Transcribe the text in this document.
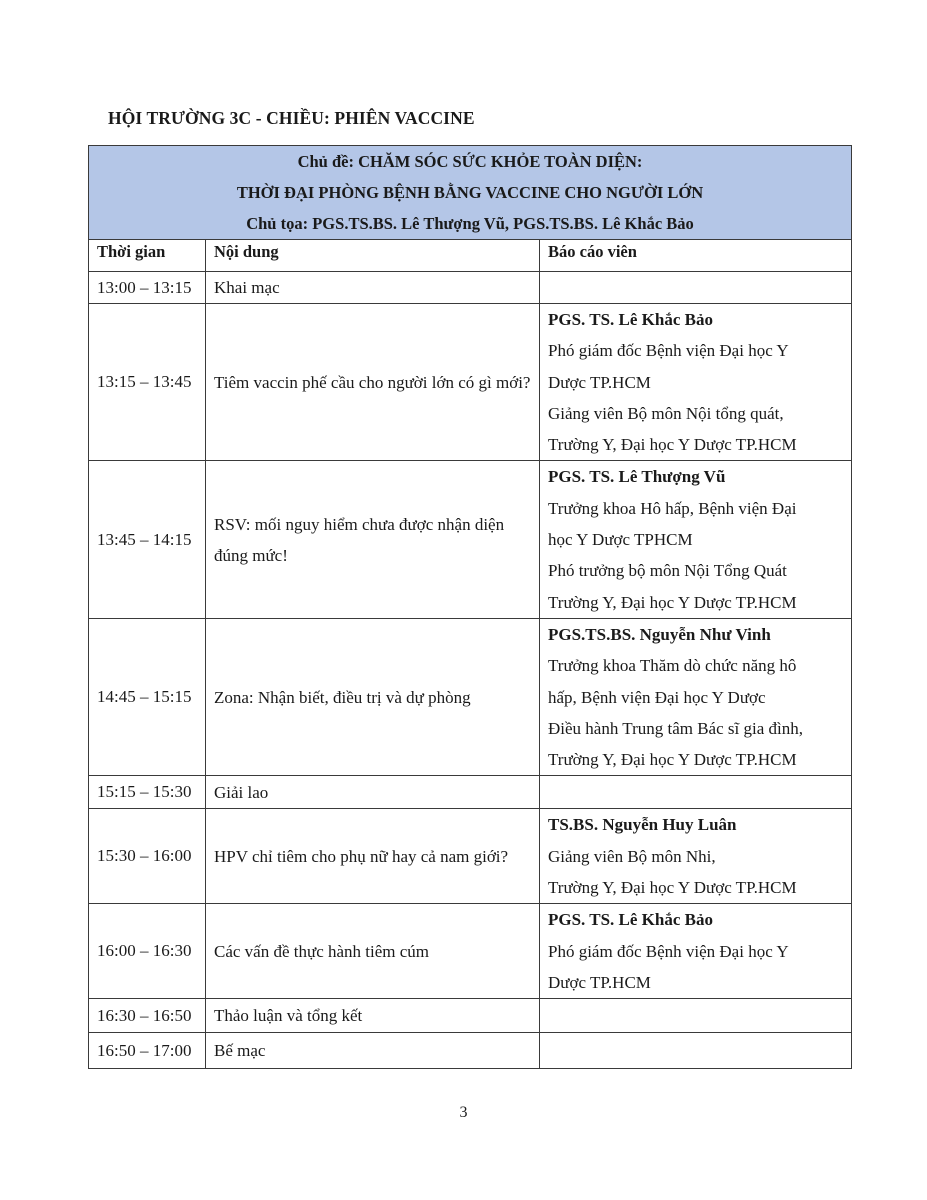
HỘI TRƯỜNG 3C - CHIỀU: PHIÊN VACCINE
Chủ đề: CHĂM SÓC SỨC KHỎE TOÀN DIỆN:
THỜI ĐẠI PHÒNG BỆNH BẰNG VACCINE CHO NGƯỜI LỚN
Chủ tọa: PGS.TS.BS. Lê Thượng Vũ, PGS.TS.BS. Lê Khắc Bảo		

Thời gian	Nội dung	Báo cáo viên
13:00 – 13:15	Khai mạc	
13:15 – 13:45	Tiêm vaccin phế cầu cho người lớn có gì mới?	PGS. TS. Lê Khắc Bảo
Phó giám đốc Bệnh viện Đại học Y
Dược TP.HCM
Giảng viên Bộ môn Nội tổng quát,
Trường Y, Đại học Y Dược TP.HCM

13:45 – 14:15	RSV: mối nguy hiểm chưa được nhận diện đúng mức!	PGS. TS. Lê Thượng Vũ
Trưởng khoa Hô hấp, Bệnh viện Đại
học Y Dược TPHCM
Phó trưởng bộ môn Nội Tổng Quát
Trường Y, Đại học Y Dược TP.HCM

14:45 – 15:15	Zona: Nhận biết, điều trị và dự phòng	PGS.TS.BS. Nguyễn Như Vinh
Trưởng khoa Thăm dò chức năng hô
hấp, Bệnh viện Đại học Y Dược
Điều hành Trung tâm Bác sĩ gia đình,
Trường Y, Đại học Y Dược TP.HCM

15:15 – 15:30	Giải lao	
15:30 – 16:00	HPV chỉ tiêm cho phụ nữ hay cả nam giới?	TS.BS. Nguyễn Huy Luân
Giảng viên Bộ môn Nhi,
Trường Y, Đại học Y Dược TP.HCM

16:00 – 16:30	Các vấn đề thực hành tiêm cúm	PGS. TS. Lê Khắc Bảo
Phó giám đốc Bệnh viện Đại học Y
Dược TP.HCM

16:30 – 16:50	Thảo luận và tổng kết	
16:50 – 17:00	Bế mạc	
3
